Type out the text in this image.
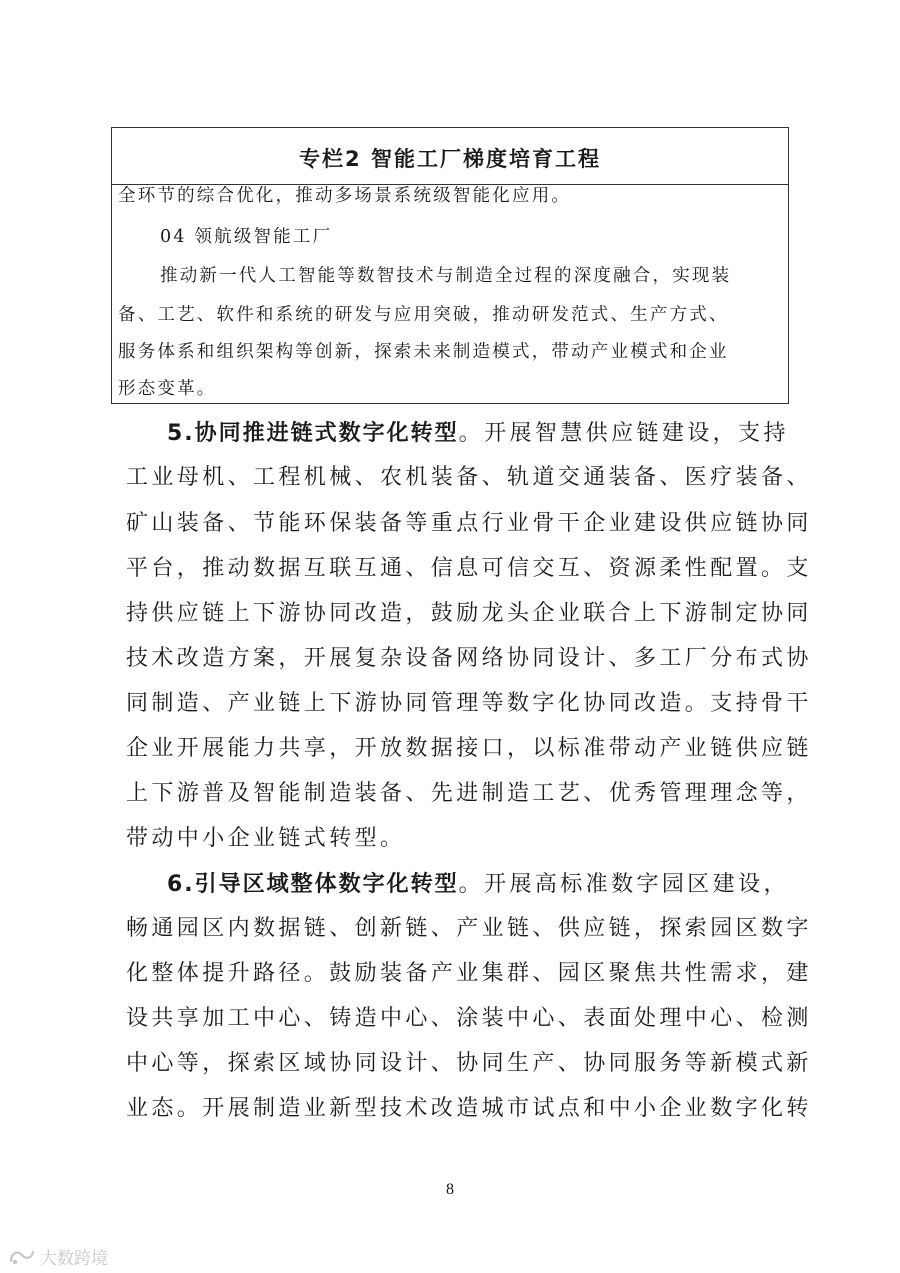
专栏2 智能工厂梯度培育工程
全环节的综合优化，推动多场景系统级智能化应用。
04 领航级智能工厂
推动新一代人工智能等数智技术与制造全过程的深度融合，实现装
备、工艺、软件和系统的研发与应用突破，推动研发范式、生产方式、
服务体系和组织架构等创新，探索未来制造模式，带动产业模式和企业
形态变革。
5.协同推进链式数字化转型。开展智慧供应链建设，支持
工业母机、工程机械、农机装备、轨道交通装备、医疗装备、
矿山装备、节能环保装备等重点行业骨干企业建设供应链协同
平台，推动数据互联互通、信息可信交互、资源柔性配置。支
持供应链上下游协同改造，鼓励龙头企业联合上下游制定协同
技术改造方案，开展复杂设备网络协同设计、多工厂分布式协
同制造、产业链上下游协同管理等数字化协同改造。支持骨干
企业开展能力共享，开放数据接口，以标准带动产业链供应链
上下游普及智能制造装备、先进制造工艺、优秀管理理念等，
带动中小企业链式转型。
6.引导区域整体数字化转型。开展高标准数字园区建设，
畅通园区内数据链、创新链、产业链、供应链，探索园区数字
化整体提升路径。鼓励装备产业集群、园区聚焦共性需求，建
设共享加工中心、铸造中心、涂装中心、表面处理中心、检测
中心等，探索区域协同设计、协同生产、协同服务等新模式新
业态。开展制造业新型技术改造城市试点和中小企业数字化转
8
大数跨境
